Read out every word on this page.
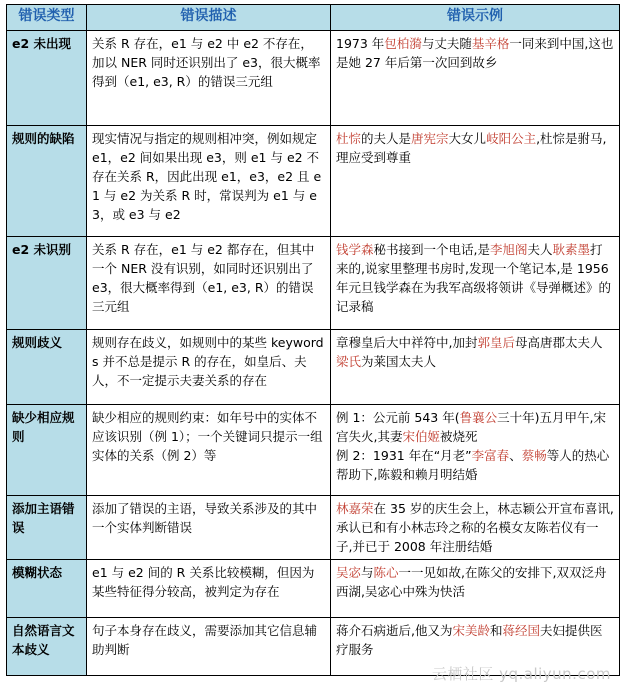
错误类型	错误描述	错误示例
e2 未出现	关系 R 存在，e1 与 e2 中 e2 不存在，加以 NER 同时还识别出了 e3，很大概率得到（e1, e3, R）的错误三元组	1973 年包柏漪与丈夫随基辛格一同来到中国,这也是她 27 年后第一次回到故乡
规则的缺陷	现实情况与指定的规则相冲突，例如规定 e1，e2 间如果出现 e3，则 e1 与 e2 不存在关系 R，因此出现 e1，e3，e2 且 e1 与 e2 为关系 R 时，常误判为 e1 与 e3，或 e3 与 e2	杜悰的夫人是唐宪宗大女儿岐阳公主,杜悰是驸马,理应受到尊重
e2 未识别	关系 R 存在，e1 与 e2 都存在，但其中一个 NER 没有识别，如同时还识别出了 e3，很大概率得到（e1, e3, R）的错误三元组	钱学森秘书接到一个电话,是李旭阁夫人耿素墨打来的,说家里整理书房时,发现一个笔记本,是 1956 年元旦钱学森在为我军高级将领讲《导弹概述》的记录稿
规则歧义	规则存在歧义，如规则中的某些 keywords 并不总是提示 R 的存在，如皇后、夫人，不一定提示夫妻关系的存在	章穆皇后大中祥符中,加封郭皇后母高唐郡太夫人梁氏为莱国太夫人
缺少相应规则	缺少相应的规则约束：如年号中的实体不应该识别（例 1）；一个关键词只提示一组实体的关系（例 2）等	例 1：公元前 543 年(鲁襄公三十年)五月甲午,宋宫失火,其妻宋伯姬被烧死
例 2：1931 年在“月老”李富春、蔡畅等人的热心帮助下,陈毅和赖月明结婚
添加主语错误	添加了错误的主语，导致关系涉及的其中一个实体判断错误	林嘉荣在 35 岁的庆生会上，林志颖公开宣布喜讯,承认已和有小林志玲之称的名模女友陈若仪有一子,并已于 2008 年注册结婚
模糊状态	e1 与 e2 间的 R 关系比较模糊，但因为某些特征得分较高，被判定为存在	吴宓与陈心一一见如故,在陈父的安排下,双双泛舟西湖,吴宓心中殊为快活
自然语言文本歧义	句子本身存在歧义，需要添加其它信息辅助判断	蒋介石病逝后,他又为宋美龄和蒋经国夫妇提供医疗服务
云栖社区 yq.aliyun.com
